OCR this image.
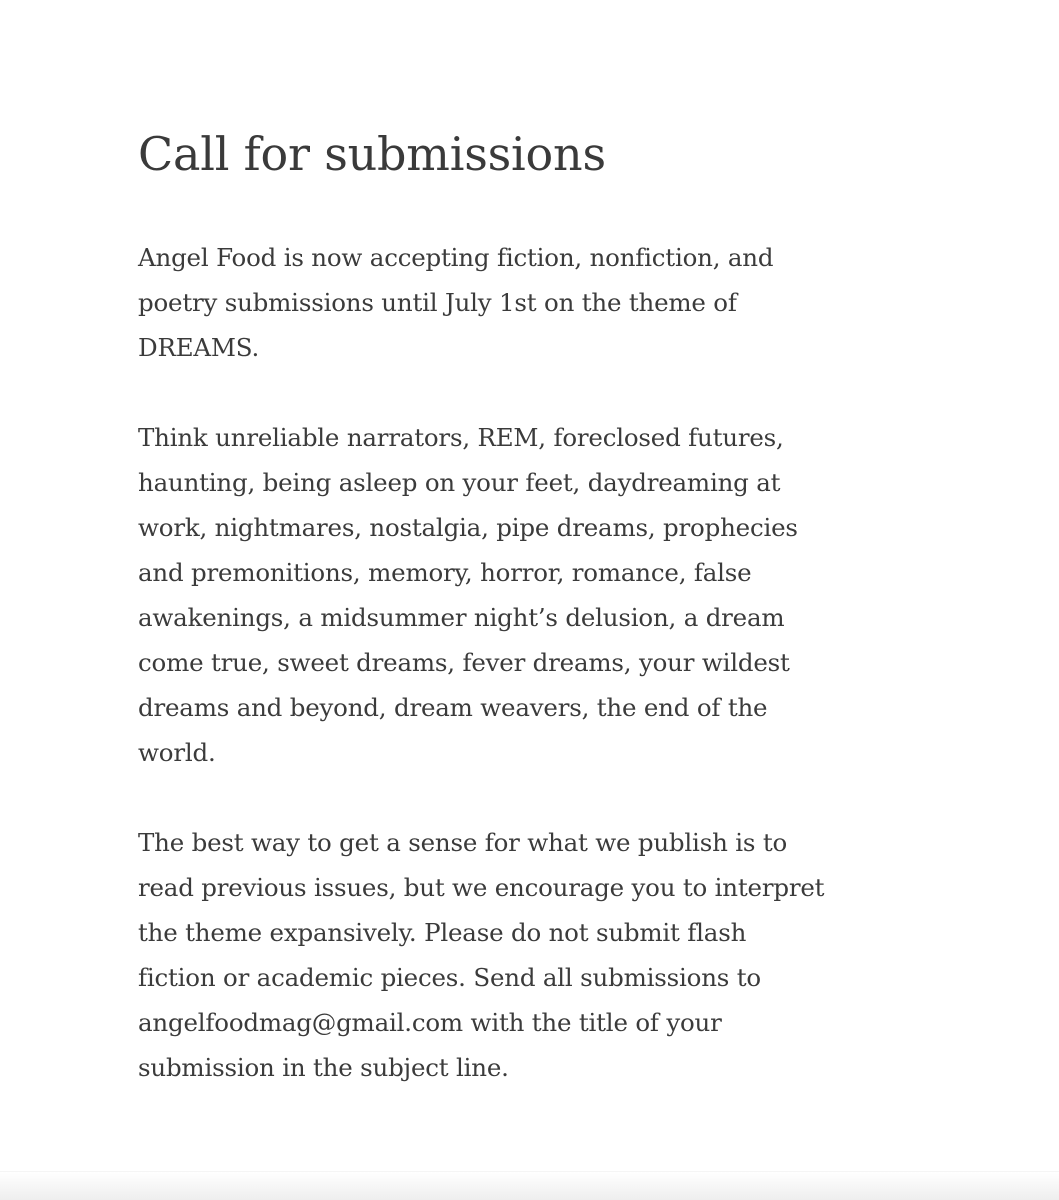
Call for submissions

Angel Food is now accepting fiction, nonfiction, and poetry submissions until July 1st on the theme of DREAMS.

Think unreliable narrators, REM, foreclosed futures, haunting, being asleep on your feet, daydreaming at work, nightmares, nostalgia, pipe dreams, prophecies and premonitions, memory, horror, romance, false awakenings, a midsummer night’s delusion, a dream come true, sweet dreams, fever dreams, your wildest dreams and beyond, dream weavers, the end of the world.

The best way to get a sense for what we publish is to read previous issues, but we encourage you to interpret the theme expansively. Please do not submit flash fiction or academic pieces. Send all submissions to angelfoodmag@gmail.com with the title of your submission in the subject line.
